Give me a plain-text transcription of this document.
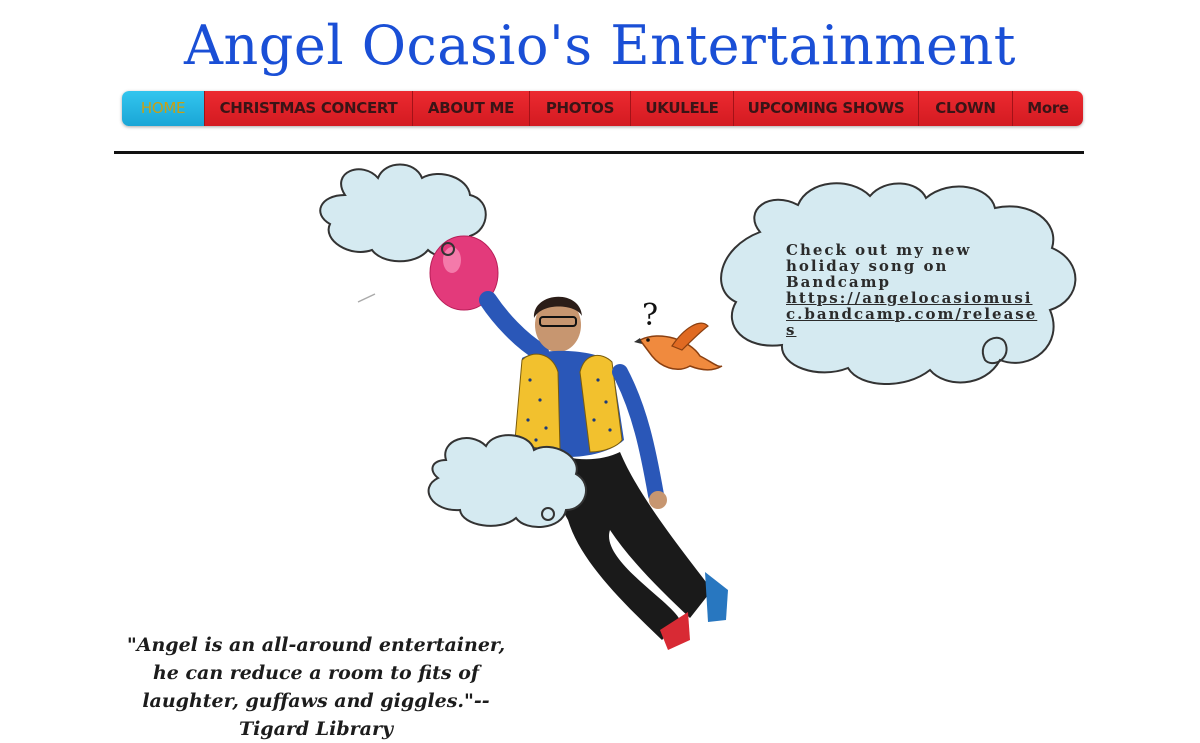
Angel Ocasio's Entertainment
HOME	CHRISTMAS CONCERT	ABOUT ME	PHOTOS	UKULELE	UPCOMING SHOWS	CLOWN	More
?
Check out my new holiday song on Bandcamp
https://angelocasiomusic.bandcamp.com/releases
"Angel is an all-around entertainer, he can reduce a room to fits of laughter, guffaws and giggles."--Tigard Library
